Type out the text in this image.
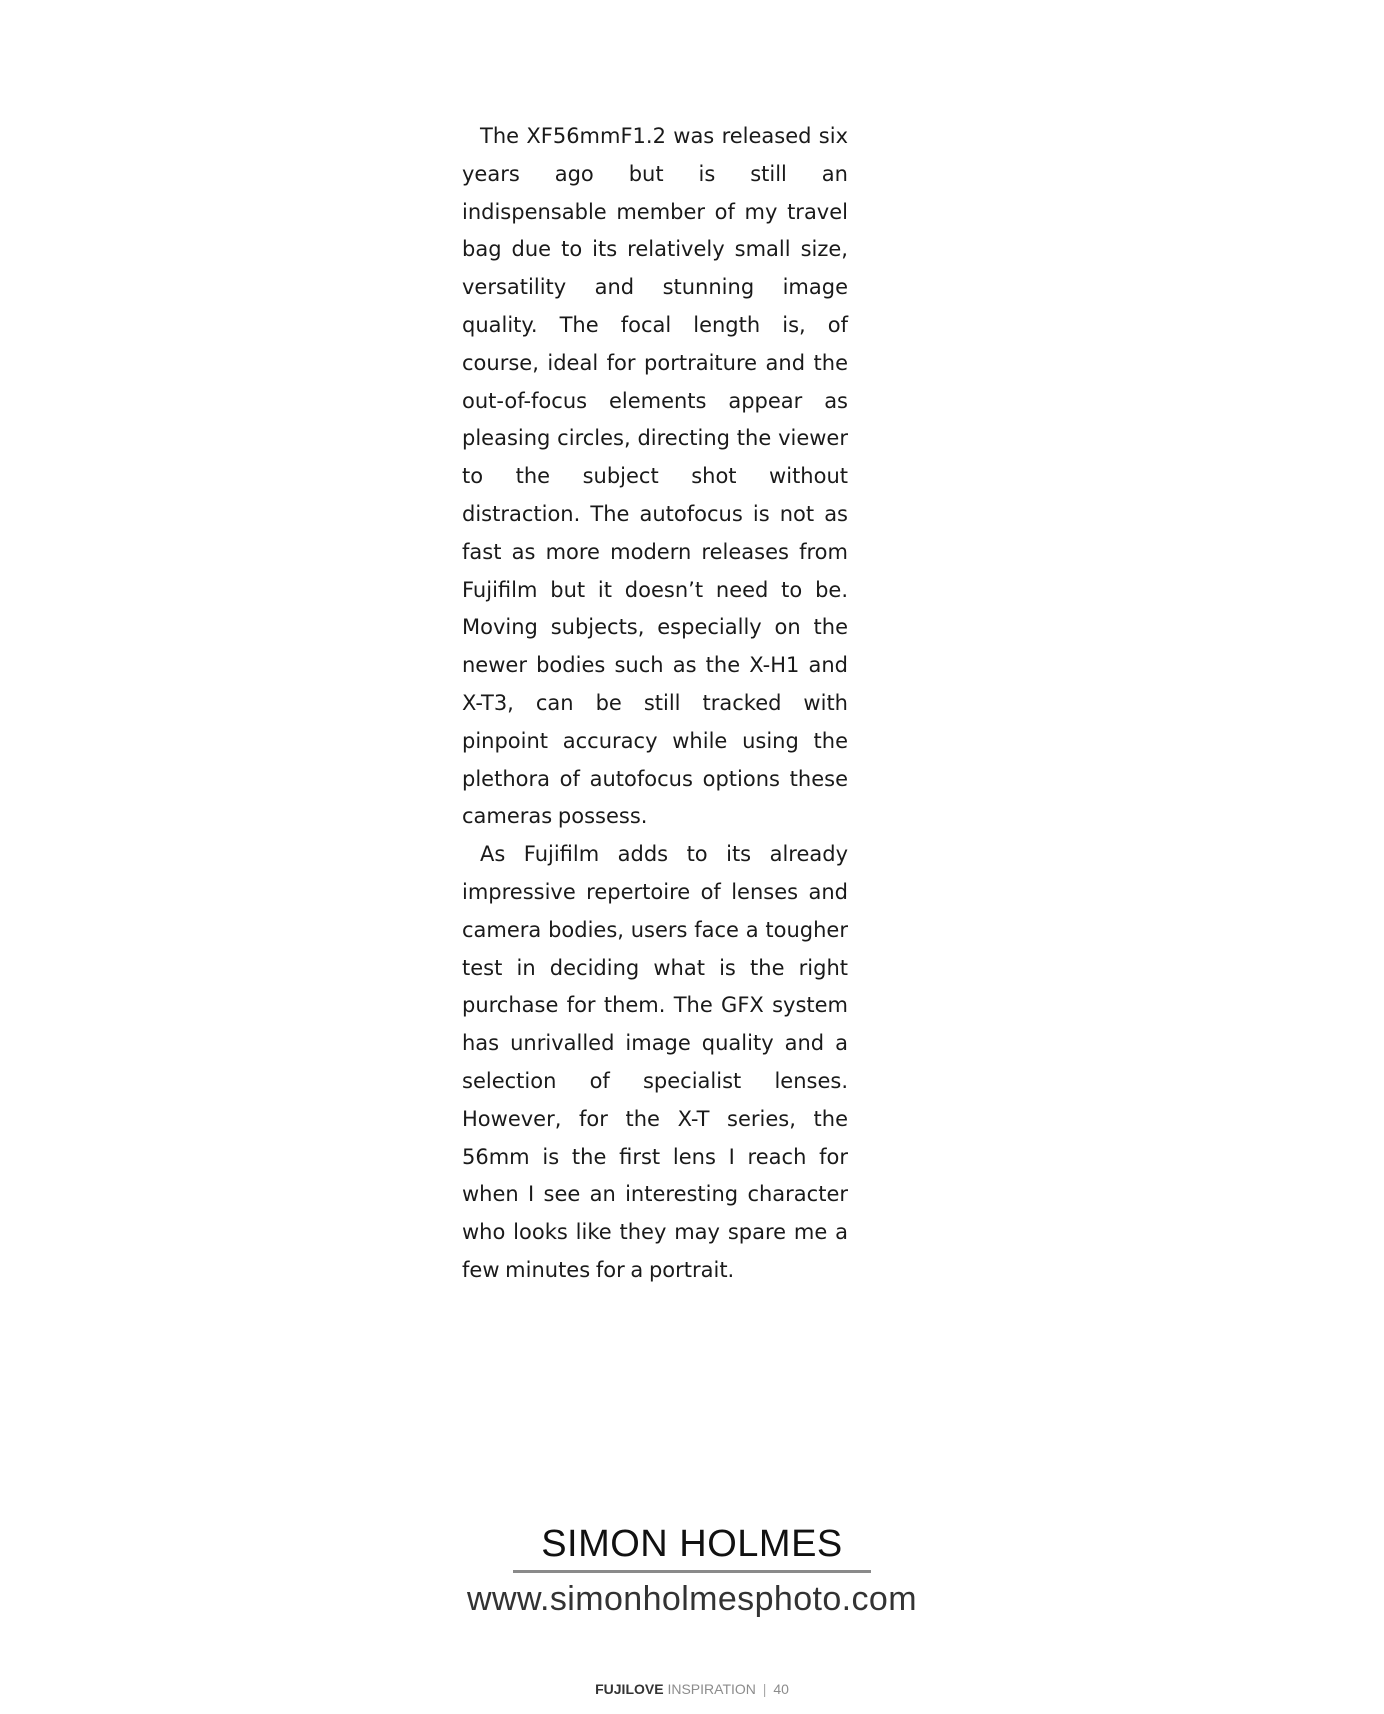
The XF56mmF1.2 was released six years ago but is still an indispensable member of my travel bag due to its relatively small size, versatility and stunning image quality. The focal length is, of course, ideal for portraiture and the out-of-focus elements appear as pleasing circles, directing the viewer to the subject shot without distraction. The autofocus is not as fast as more modern releases from Fujifilm but it doesn’t need to be. Moving subjects, especially on the newer bodies such as the X-H1 and X-T3, can be still tracked with pinpoint accuracy while using the plethora of autofocus options these cameras possess.

As Fujifilm adds to its already impressive repertoire of lenses and camera bodies, users face a tougher test in deciding what is the right purchase for them. The GFX system has unrivalled image quality and a selection of specialist lenses. However, for the X-T series, the 56mm is the first lens I reach for when I see an interesting character who looks like they may spare me a few minutes for a portrait.

SIMON HOLMES
www.simonholmesphoto.com
FUJILOVE INSPIRATION | 40
